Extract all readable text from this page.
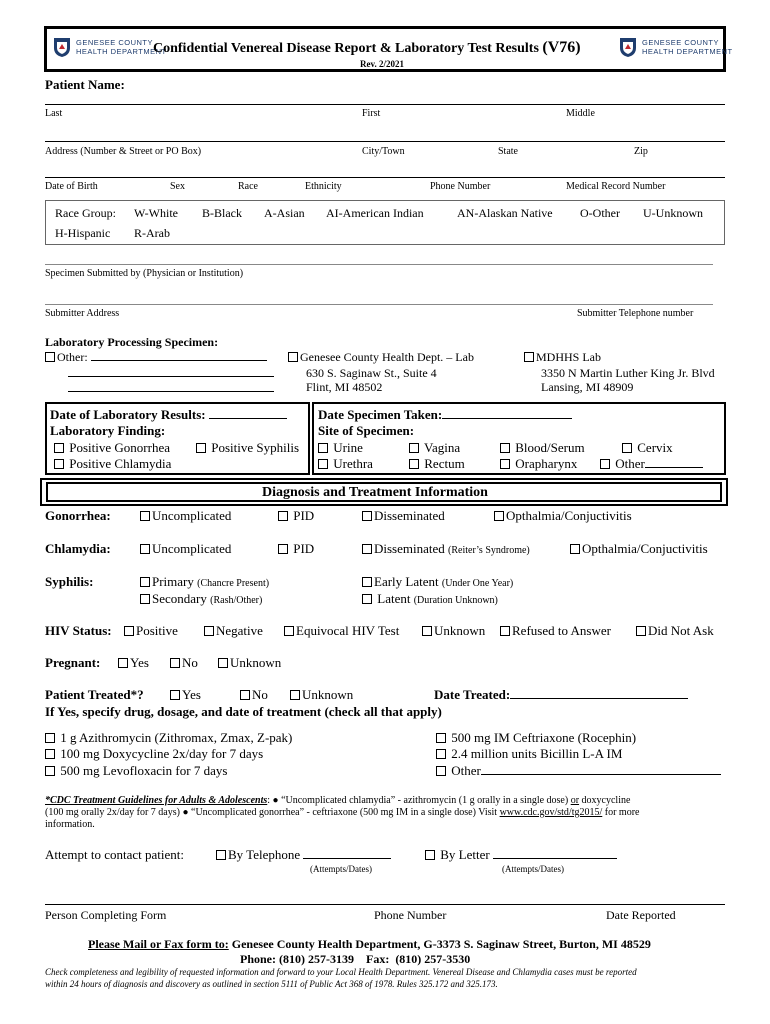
GENESEE COUNTY
HEALTH DEPARTMENT
Confidential Venereal Disease Report & Laboratory Test Results (V76)
Rev. 2/2021
GENESEE COUNTY
HEALTH DEPARTMENT
Patient Name:
Last	First	Middle
Address (Number & Street or PO Box)	City/Town	State	Zip
Date of Birth	Sex	Race	Ethnicity	Phone Number	Medical Record Number
Race Group: W-White B-Black A-Asian AI-American Indian	AN-Alaskan Native O-Other U-Unknown
H-Hispanic R-Arab
Specimen Submitted by (Physician or Institution)
Submitter Address	Submitter Telephone number
Laboratory Processing Specimen:
Other:	Genesee County Health Dept. – Lab
630 S. Saginaw St., Suite 4
Flint, MI 48502
MDHHS Lab
3350 N Martin Luther King Jr. Blvd
Lansing, MI 48909
Date of Laboratory Results:
Laboratory Finding:
Positive Gonorrhea	Positive Syphilis
Positive Chlamydia
Date Specimen Taken:
Site of Specimen:
Urine	Vagina	Blood/Serum	Cervix
Urethra	Rectum	Orapharynx	Other
Diagnosis and Treatment Information
Gonorrhea:	Uncomplicated	PID	Disseminated	Opthalmia/Conjuctivitis
Chlamydia:	Uncomplicated	PID	Disseminated (Reiter’s Syndrome)	Opthalmia/Conjuctivitis
Syphilis:	Primary (Chancre Present)
Secondary (Rash/Other)
Early Latent (Under One Year)
Latent (Duration Unknown)
HIV Status:	Positive	Negative	Equivocal HIV Test	Unknown	Refused to Answer	Did Not Ask
Pregnant:	Yes	No	Unknown
Patient Treated*?	Yes	No	Unknown	Date Treated:
If Yes, specify drug, dosage, and date of treatment (check all that apply)
1 g Azithromycin (Zithromax, Zmax, Z-pak)
100 mg Doxycycline 2x/day for 7 days
500 mg Levofloxacin for 7 days
500 mg IM Ceftriaxone (Rocephin)
2.4 million units Bicillin L-A IM
Other
*CDC Treatment Guidelines for Adults & Adolescents: ● “Uncomplicated chlamydia” - azithromycin (1 g orally in a single dose) or doxycycline
(100 mg orally 2x/day for 7 days) ● “Uncomplicated gonorrhea” - ceftriaxone (500 mg IM in a single dose) Visit www.cdc.gov/std/tg2015/ for more
information.
Attempt to contact patient:	By Telephone
(Attempts/Dates)
By Letter
(Attempts/Dates)
Person Completing Form	Phone Number	Date Reported
Please Mail or Fax form to: Genesee County Health Department, G-3373 S. Saginaw Street, Burton, MI 48529
Phone: (810) 257-3139    Fax:  (810) 257-3530
Check completeness and legibility of requested information and forward to your Local Health Department. Venereal Disease and Chlamydia cases must be reported
within 24 hours of diagnosis and discovery as outlined in section 5111 of Public Act 368 of 1978. Rules 325.172 and 325.173.
